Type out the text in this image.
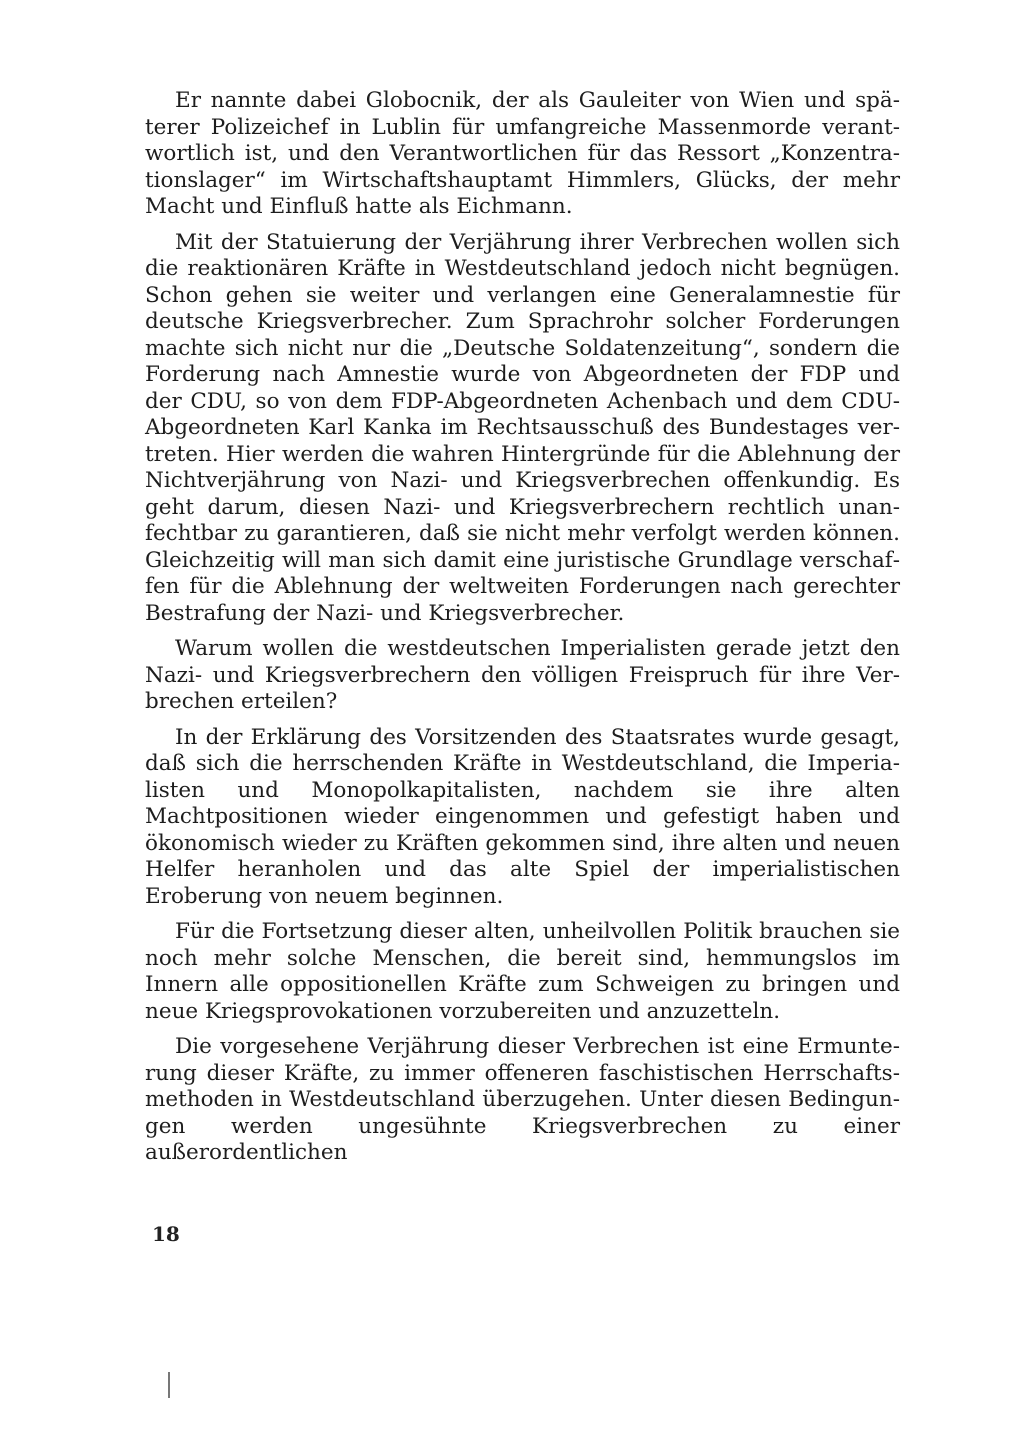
Er nannte dabei Globocnik, der als Gauleiter von Wien und späterer Polizeichef in Lublin für umfangreiche Massenmorde verantwortlich ist, und den Verantwortlichen für das Ressort „Konzentrationslager“ im Wirtschaftshauptamt Himmlers, Glücks, der mehr Macht und Einfluß hatte als Eichmann.

Mit der Statuierung der Verjährung ihrer Verbrechen wollen sich die reaktionären Kräfte in Westdeutschland jedoch nicht begnügen. Schon gehen sie weiter und verlangen eine Generalamnestie für deutsche Kriegsverbrecher. Zum Sprachrohr solcher Forderungen machte sich nicht nur die „Deutsche Soldatenzeitung“, sondern die Forderung nach Amnestie wurde von Abgeordneten der FDP und der CDU, so von dem FDP-Abgeordneten Achenbach und dem CDU-Abgeordneten Karl Kanka im Rechtsausschuß des Bundestages vertreten. Hier werden die wahren Hintergründe für die Ablehnung der Nichtverjährung von Nazi- und Kriegsverbrechen offenkundig. Es geht darum, diesen Nazi- und Kriegsverbrechern rechtlich unanfechtbar zu garantieren, daß sie nicht mehr verfolgt werden können. Gleichzeitig will man sich damit eine juristische Grundlage verschaffen für die Ablehnung der weltweiten Forderungen nach gerechter Bestrafung der Nazi- und Kriegsverbrecher.

Warum wollen die westdeutschen Imperialisten gerade jetzt den Nazi- und Kriegsverbrechern den völligen Freispruch für ihre Verbrechen erteilen?

In der Erklärung des Vorsitzenden des Staatsrates wurde gesagt, daß sich die herrschenden Kräfte in Westdeutschland, die Imperialisten und Monopolkapitalisten, nachdem sie ihre alten Machtpositionen wieder eingenommen und gefestigt haben und ökonomisch wieder zu Kräften gekommen sind, ihre alten und neuen Helfer heranholen und das alte Spiel der imperialistischen Eroberung von neuem beginnen.

Für die Fortsetzung dieser alten, unheilvollen Politik brauchen sie noch mehr solche Menschen, die bereit sind, hemmungslos im Innern alle oppositionellen Kräfte zum Schweigen zu bringen und neue Kriegsprovokationen vorzubereiten und anzuzetteln.

Die vorgesehene Verjährung dieser Verbrechen ist eine Ermunterung dieser Kräfte, zu immer offeneren faschistischen Herrschaftsmethoden in Westdeutschland überzugehen. Unter diesen Bedingungen werden ungesühnte Kriegsverbrechen zu einer außerordentlichen

18
